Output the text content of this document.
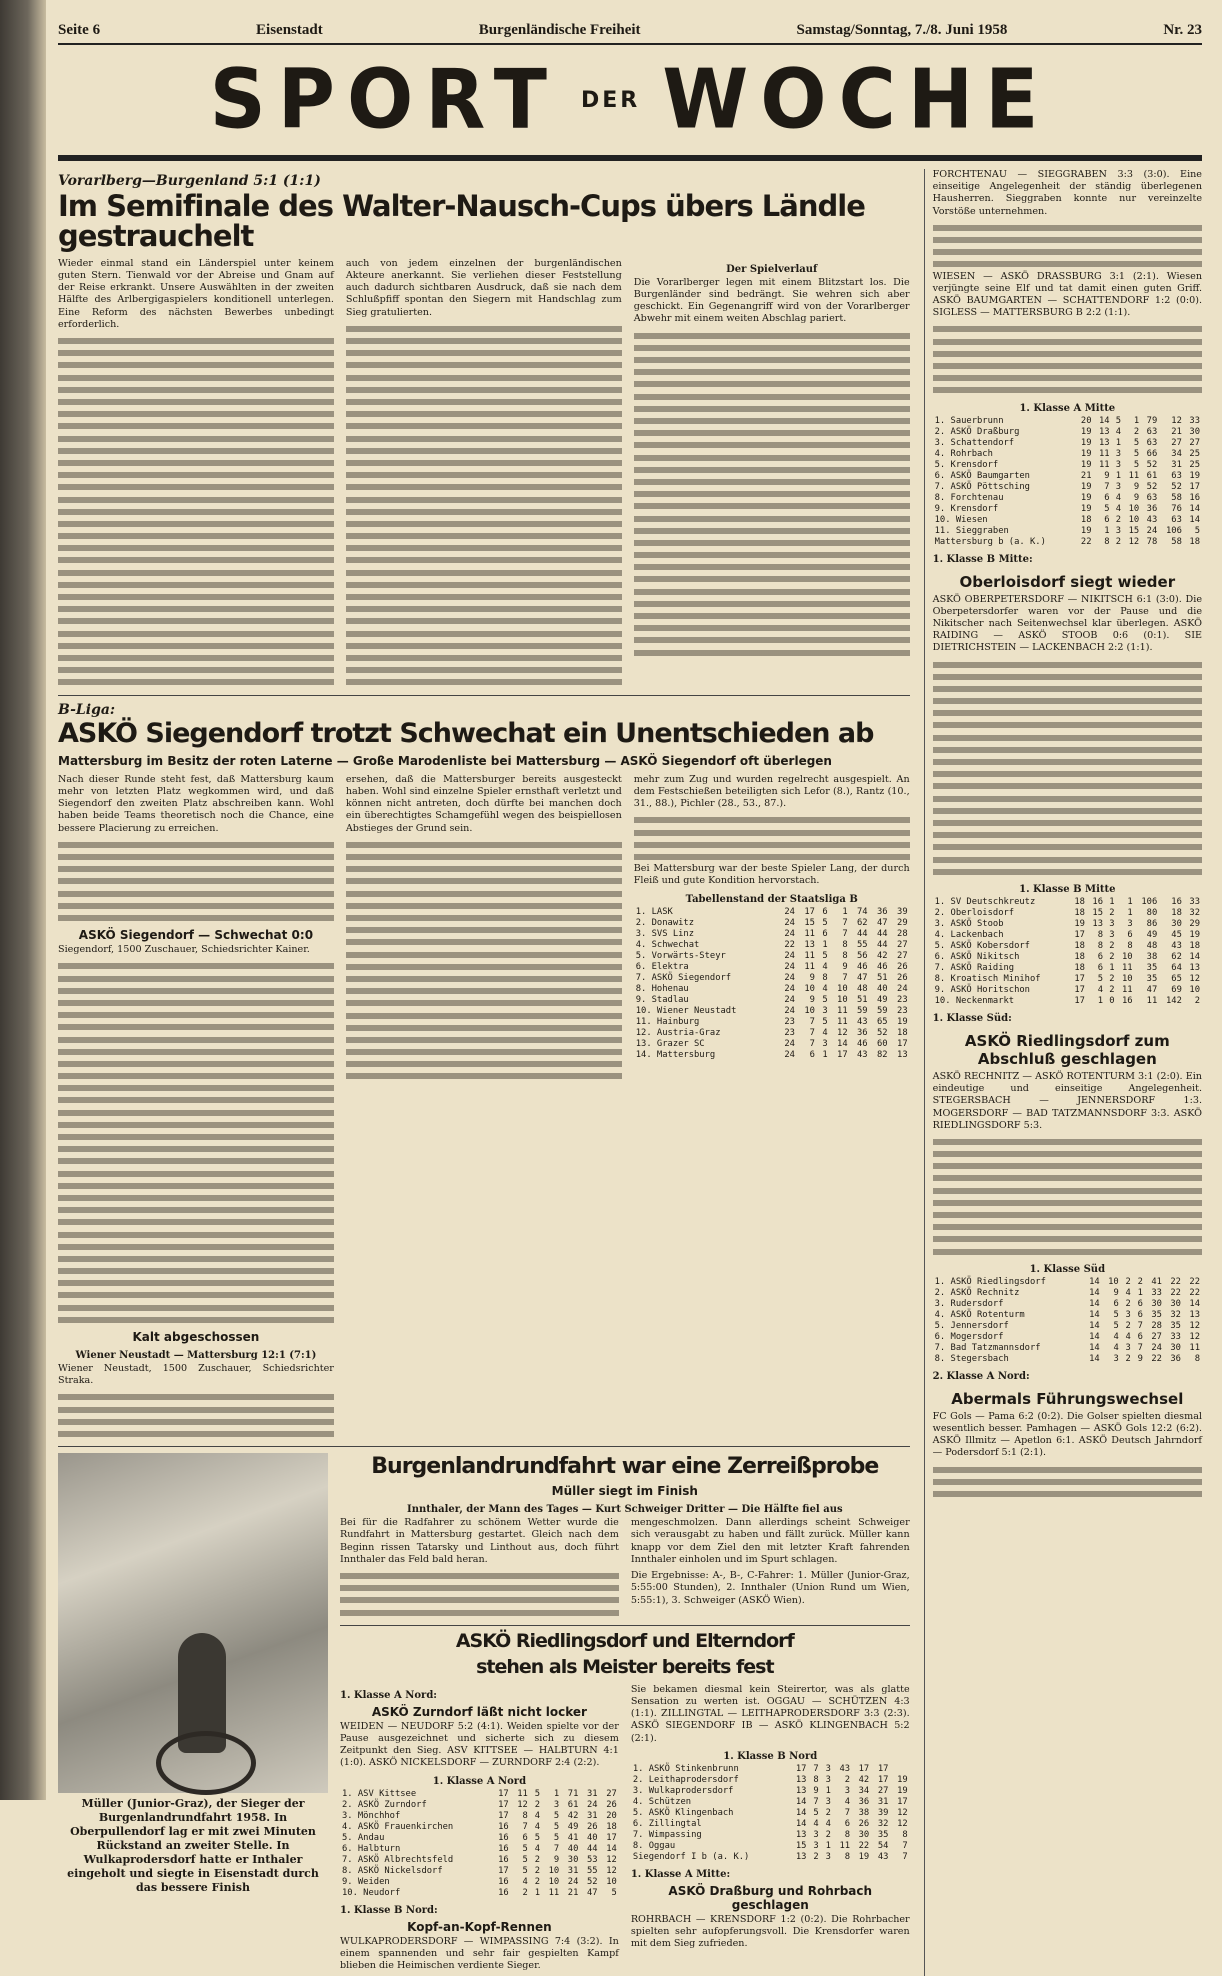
Seite 6	Eisenstadt	Burgenländische Freiheit	Samstag/Sonntag, 7./8. Juni 1958	Nr. 23
SPORT DER WOCHE
Vorarlberg—Burgenland 5:1 (1:1)
Im Semifinale des Walter-Nausch-Cups übers Ländle gestrauchelt

Wieder einmal stand ein Länderspiel unter keinem guten Stern. Tienwald vor der Abreise und Gnam auf der Reise erkrankt. Unsere Auswählten in der zweiten Hälfte des Arlbergigaspielers konditionell unterlegen. Eine Reform des nächsten Bewerbes unbedingt erforderlich.

auch von jedem einzelnen der burgenländischen Akteure anerkannt. Sie verliehen dieser Feststellung auch dadurch sichtbaren Ausdruck, daß sie nach dem Schlußpfiff spontan den Siegern mit Handschlag zum Sieg gratulierten.

Der Spielverlauf

Die Vorarlberger legen mit einem Blitzstart los. Die Burgenländer sind bedrängt. Sie wehren sich aber geschickt. Ein Gegenangriff wird von der Vorarlberger Abwehr mit einem weiten Abschlag pariert.

B-Liga:
ASKÖ Siegendorf trotzt Schwechat ein Unentschieden ab
Mattersburg im Besitz der roten Laterne — Große Marodenliste bei Mattersburg — ASKÖ Siegendorf oft überlegen

Nach dieser Runde steht fest, daß Mattersburg kaum mehr von letzten Platz wegkommen wird, und daß Siegendorf den zweiten Platz abschreiben kann. Wohl haben beide Teams theoretisch noch die Chance, eine bessere Placierung zu erreichen.

ASKÖ Siegendorf — Schwechat 0:0

Siegendorf, 1500 Zuschauer, Schiedsrichter Kainer.

Kalt abgeschossen
Wiener Neustadt — Mattersburg 12:1 (7:1)

Wiener Neustadt, 1500 Zuschauer, Schiedsrichter Straka.

ersehen, daß die Mattersburger bereits ausgesteckt haben. Wohl sind einzelne Spieler ernsthaft verletzt und können nicht antreten, doch dürfte bei manchen doch ein überechtigtes Schamgefühl wegen des beispiellosen Abstieges der Grund sein.

mehr zum Zug und wurden regelrecht ausgespielt. An dem Festschießen beteiligten sich Lefor (8.), Rantz (10., 31., 88.), Pichler (28., 53., 87.).

Bei Mattersburg war der beste Spieler Lang, der durch Fleiß und gute Kondition hervorstach.

Tabellenstand der Staatsliga B
1. LASK	24	17	6	1	74	36	39
2. Donawitz	24	15	5	7	62	47	29
3. SVS Linz	24	11	6	7	44	44	28
4. Schwechat	22	13	1	8	55	44	27
5. Vorwärts-Steyr	24	11	5	8	56	42	27
6. Elektra	24	11	4	9	46	46	26
7. ASKÖ Siegendorf	24	9	8	7	47	51	26
8. Hohenau	24	10	4	10	48	40	24
9. Stadlau	24	9	5	10	51	49	23
10. Wiener Neustadt	24	10	3	11	59	59	23
11. Hainburg	23	7	5	11	43	65	19
12. Austria-Graz	23	7	4	12	36	52	18
13. Grazer SC	24	7	3	14	46	60	17
14. Mattersburg	24	6	1	17	43	82	13
Müller (Junior-Graz), der Sieger der Burgenlandrundfahrt 1958. In Oberpullendorf lag er mit zwei Minuten Rückstand an zweiter Stelle. In Wulkaprodersdorf hatte er Inthaler eingeholt und siegte in Eisenstadt durch das bessere Finish
Burgenlandrundfahrt war eine Zerreißprobe
Müller siegt im Finish
Innthaler, der Mann des Tages — Kurt Schweiger Dritter — Die Hälfte fiel aus

Bei für die Radfahrer zu schönem Wetter wurde die Rundfahrt in Mattersburg gestartet. Gleich nach dem Beginn rissen Tatarsky und Linthout aus, doch führt Innthaler das Feld bald heran.

mengeschmolzen. Dann allerdings scheint Schweiger sich verausgabt zu haben und fällt zurück. Müller kann knapp vor dem Ziel den mit letzter Kraft fahrenden Innthaler einholen und im Spurt schlagen.

Die Ergebnisse: A-, B-, C-Fahrer: 1. Müller (Junior-Graz, 5:55:00 Stunden), 2. Innthaler (Union Rund um Wien, 5:55:1), 3. Schweiger (ASKÖ Wien).

ASKÖ Riedlingsdorf und Elterndorf
stehen als Meister bereits fest
1. Klasse A Nord:
ASKÖ Zurndorf läßt nicht locker

WEIDEN — NEUDORF 5:2 (4:1). Weiden spielte vor der Pause ausgezeichnet und sicherte sich zu diesem Zeitpunkt den Sieg. ASV KITTSEE — HALBTURN 4:1 (1:0). ASKÖ NICKELSDORF — ZURNDORF 2:4 (2:2).

1. Klasse A Nord
1. ASV Kittsee	17	11	5	1	71	31	27
2. ASKÖ Zurndorf	17	12	2	3	61	24	26
3. Mönchhof	17	8	4	5	42	31	20
4. ASKÖ Frauenkirchen	16	7	4	5	49	26	18
5. Andau	16	6	5	5	41	40	17
6. Halbturn	16	5	4	7	40	44	14
7. ASKÖ Albrechtsfeld	16	5	2	9	30	53	12
8. ASKÖ Nickelsdorf	17	5	2	10	31	55	12
9. Weiden	16	4	2	10	24	52	10
10. Neudorf	16	2	1	11	21	47	5
1. Klasse B Nord:
Kopf-an-Kopf-Rennen

WULKAPRODERSDORF — WIMPASSING 7:4 (3:2). In einem spannenden und sehr fair gespielten Kampf blieben die Heimischen verdiente Sieger.

Sie bekamen diesmal kein Steirertor, was als glatte Sensation zu werten ist. OGGAU — SCHÜTZEN 4:3 (1:1). ZILLINGTAL — LEITHAPRODERSDORF 3:3 (2:3). ASKÖ SIEGENDORF IB — ASKÖ KLINGENBACH 5:2 (2:1).

1. Klasse B Nord
1. ASKÖ Stinkenbrunn	17	7	3	43	17	17	
2. Leithaprodersdorf	13	8	3	2	42	17	19
3. Wulkaprodersdorf	13	9	1	3	34	27	19
4. Schützen	14	7	3	4	36	31	17
5. ASKÖ Klingenbach	14	5	2	7	38	39	12
6. Zillingtal	14	4	4	6	26	32	12
7. Wimpassing	13	3	2	8	30	35	8
8. Oggau	15	3	1	11	22	54	7
Siegendorf I b (a. K.)	13	2	3	8	19	43	7
1. Klasse A Mitte:
ASKÖ Draßburg und Rohrbach geschlagen

ROHRBACH — KRENSDORF 1:2 (0:2). Die Rohrbacher spielten sehr aufopferungsvoll. Die Krensdorfer waren mit dem Sieg zufrieden.

FORCHTENAU — SIEGGRABEN 3:3 (3:0). Eine einseitige Angelegenheit der ständig überlegenen Hausherren. Sieggraben konnte nur vereinzelte Vorstöße unternehmen.

WIESEN — ASKÖ DRASSBURG 3:1 (2:1). Wiesen verjüngte seine Elf und tat damit einen guten Griff. ASKÖ BAUMGARTEN — SCHATTENDORF 1:2 (0:0). SIGLESS — MATTERSBURG B 2:2 (1:1).

1. Klasse A Mitte
1. Sauerbrunn	20	14	5	1	79	12	33
2. ASKÖ Draßburg	19	13	4	2	63	21	30
3. Schattendorf	19	13	1	5	63	27	27
4. Rohrbach	19	11	3	5	66	34	25
5. Krensdorf	19	11	3	5	52	31	25
6. ASKÖ Baumgarten	21	9	1	11	61	63	19
7. ASKÖ Pöttsching	19	7	3	9	52	52	17
8. Forchtenau	19	6	4	9	63	58	16
9. Krensdorf	19	5	4	10	36	76	14
10. Wiesen	18	6	2	10	43	63	14
11. Sieggraben	19	1	3	15	24	106	5
Mattersburg b (a. K.)	22	8	2	12	78	58	18
1. Klasse B Mitte:
Oberloisdorf siegt wieder

ASKÖ OBERPETERSDORF — NIKITSCH 6:1 (3:0). Die Oberpetersdorfer waren vor der Pause und die Nikitscher nach Seitenwechsel klar überlegen. ASKÖ RAIDING — ASKÖ STOOB 0:6 (0:1). SIE DIETRICHSTEIN — LACKENBACH 2:2 (1:1).

1. Klasse B Mitte
1. SV Deutschkreutz	18	16	1	1	106	16	33
2. Oberloisdorf	18	15	2	1	80	18	32
3. ASKÖ Stoob	19	13	3	3	86	30	29
4. Lackenbach	17	8	3	6	49	45	19
5. ASKÖ Kobersdorf	18	8	2	8	48	43	18
6. ASKÖ Nikitsch	18	6	2	10	38	62	14
7. ASKÖ Raiding	18	6	1	11	35	64	13
8. Kroatisch Minihof	17	5	2	10	35	65	12
9. ASKÖ Horitschon	17	4	2	11	47	69	10
10. Neckenmarkt	17	1	0	16	11	142	2
1. Klasse Süd:
ASKÖ Riedlingsdorf zum Abschluß geschlagen

ASKÖ RECHNITZ — ASKÖ ROTENTURM 3:1 (2:0). Ein eindeutige und einseitige Angelegenheit. STEGERSBACH — JENNERSDORF 1:3. MOGERSDORF — BAD TATZMANNSDORF 3:3. ASKÖ RIEDLINGSDORF 5:3.

1. Klasse Süd
1. ASKÖ Riedlingsdorf	14	10	2	2	41	22	22
2. ASKÖ Rechnitz	14	9	4	1	33	22	22
3. Rudersdorf	14	6	2	6	30	30	14
4. ASKÖ Rotenturm	14	5	3	6	35	32	13
5. Jennersdorf	14	5	2	7	28	35	12
6. Mogersdorf	14	4	4	6	27	33	12
7. Bad Tatzmannsdorf	14	4	3	7	24	30	11
8. Stegersbach	14	3	2	9	22	36	8
2. Klasse A Nord:
Abermals Führungswechsel

FC Gols — Pama 6:2 (0:2). Die Golser spielten diesmal wesentlich besser. Pamhagen — ASKÖ Gols 12:2 (6:2). ASKÖ Illmitz — Apetlon 6:1. ASKÖ Deutsch Jahrndorf — Podersdorf 5:1 (2:1).
